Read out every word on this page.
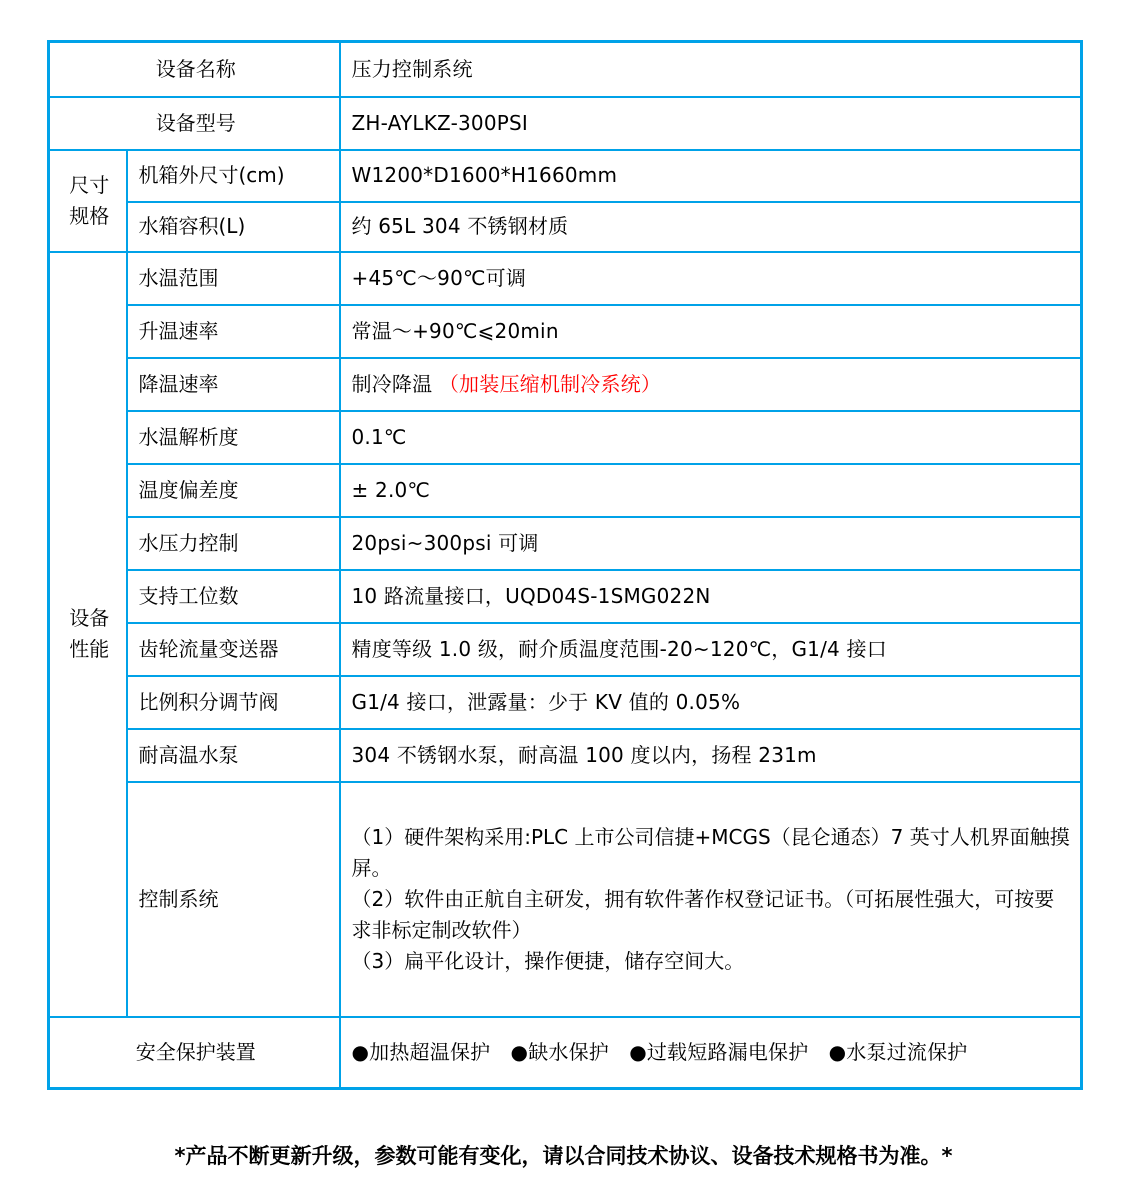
设备名称		压力控制系统
设备型号		ZH-AYLKZ-300PSI
尺寸规格	机箱外尺寸(cm)	W1200*D1600*H1660mm
	水箱容积(L)	约 65L 304 不锈钢材质
设备性能	水温范围	+45℃～90℃可调
	升温速率	常温～+90℃⩽20min
	降温速率	制冷降温 （加装压缩机制冷系统）
	水温解析度	0.1℃
	温度偏差度	± 2.0℃
	水压力控制	20psi~300psi 可调
	支持工位数	10 路流量接口，UQD04S-1SMG022N
	齿轮流量变送器	精度等级 1.0 级，耐介质温度范围-20~120℃，G1/4 接口
	比例积分调节阀	G1/4 接口，泄露量：少于 KV 值的 0.05%
	耐高温水泵	304 不锈钢水泵，耐高温 100 度以内，扬程 231m
	控制系统	（1）硬件架构采用:PLC 上市公司信捷+MCGS（昆仑通态）7 英寸人机界面触摸屏。

（2）软件由正航自主研发，拥有软件著作权登记证书。（可拓展性强大，可按要求非标定制改软件）

（3）扁平化设计，操作便捷，储存空间大。

安全保护装置		●加热超温保护　●缺水保护　●过载短路漏电保护　●水泵过流保护
*产品不断更新升级，参数可能有变化，请以合同技术协议、设备技术规格书为准。*
